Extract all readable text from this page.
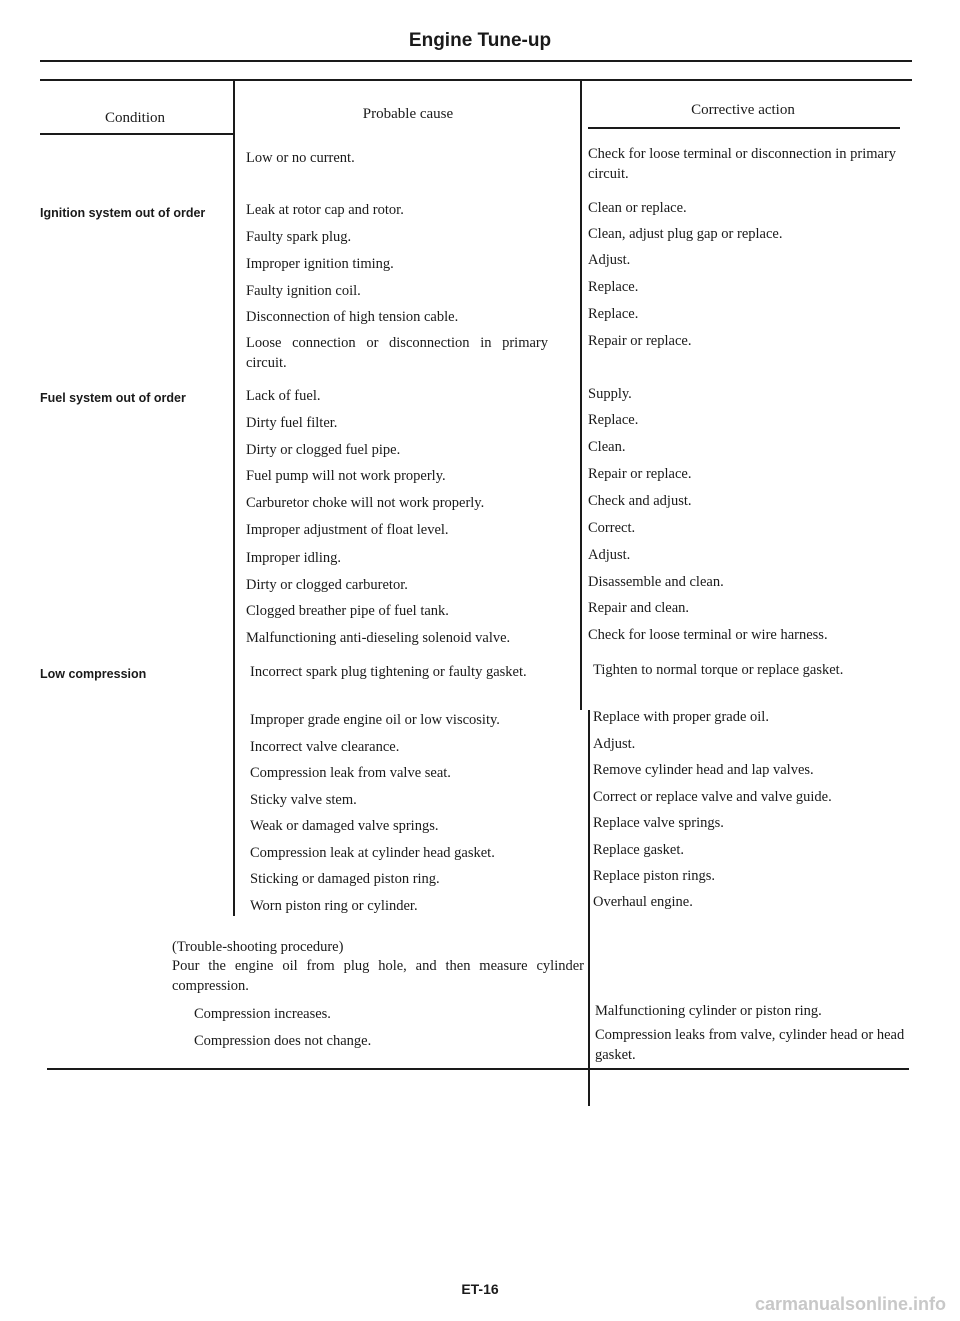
Engine Tune-up
Condition	Probable cause	Corrective action
Ignition system out of order
Fuel system out of order
Low compression
Low or no current.
Leak at rotor cap and rotor.
Faulty spark plug.
Improper ignition timing.
Faulty ignition coil.
Disconnection of high tension cable.
Loose connection or disconnection in primary circuit.
Check for loose terminal or disconnection in primary circuit.
Clean or replace.
Clean, adjust plug gap or replace.
Adjust.
Replace.
Replace.
Repair or replace.
Lack of fuel.
Dirty fuel filter.
Dirty or clogged fuel pipe.
Fuel pump will not work properly.
Carburetor choke will not work properly.
Improper adjustment of float level.
Improper idling.
Dirty or clogged carburetor.
Clogged breather pipe of fuel tank.
Malfunctioning anti-dieseling solenoid valve.
Supply.
Replace.
Clean.
Repair or replace.
Check and adjust.
Correct.
Adjust.
Disassemble and clean.
Repair and clean.
Check for loose terminal or wire harness.
Incorrect spark plug tightening or faulty gasket.
Improper grade engine oil or low viscosity.
Incorrect valve clearance.
Compression leak from valve seat.
Sticky valve stem.
Weak or damaged valve springs.
Compression leak at cylinder head gasket.
Sticking or damaged piston ring.
Worn piston ring or cylinder.
Tighten to normal torque or replace gasket.
Replace with proper grade oil.
Adjust.
Remove cylinder head and lap valves.
Correct or replace valve and valve guide.
Replace valve springs.
Replace gasket.
Replace piston rings.
Overhaul engine.
(Trouble-shooting procedure)
Pour the engine oil from plug hole, and then measure cylinder compression.
Compression increases.
Compression does not change.
Malfunctioning cylinder or piston ring.
Compression leaks from valve, cylinder head or head gasket.
ET-16
carmanualsonline.info
